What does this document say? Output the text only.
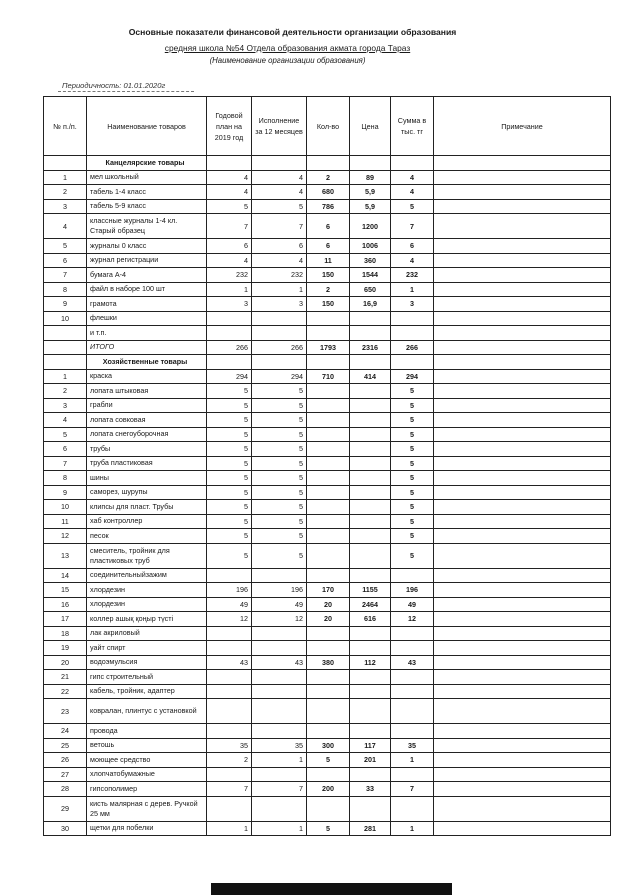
Основные показатели финансовой деятельности организации образования
средняя школа №54 Отдела образования акмата города Тараз
(Наименование организации образования)
Периодичность: 01.01.2020г
№ п./п.	Наименование товаров	Годовой план на 2019 год	Исполнение за 12 месяцев	Кол-во	Цена	Сумма в тыс. тг	Примечание
	Канцелярские товары						
1	мел школьный	4	4	2	89	4	
2	табель 1-4 класс	4	4	680	5,9	4	
3	табель 5-9 класс	5	5	786	5,9	5	
4	классные журналы 1-4 кл. Старый образец	7	7	6	1200	7	
5	журналы 0 класс	6	6	6	1006	6	
6	журнал регистрации	4	4	11	360	4	
7	бумага А-4	232	232	150	1544	232	
8	файл в наборе 100 шт	1	1	2	650	1	
9	грамота	3	3	150	16,9	3	
10	флешки						
	и т.п.						
	ИТОГО	266	266	1793	2316	266	
	Хозяйственные товары						
1	краска	294	294	710	414	294	
2	лопата штыковая	5	5			5	
3	грабли	5	5			5	
4	лопата совковая	5	5			5	
5	лопата снегоуборочная	5	5			5	
6	трубы	5	5			5	
7	труба пластиковая	5	5			5	
8	шины	5	5			5	
9	саморез, шурупы	5	5			5	
10	клипсы для пласт. Трубы	5	5			5	
11	хаб контроллер	5	5			5	
12	песок	5	5			5	
13	смеситель, тройник для пластиковых труб	5	5			5	
14	соединительныйзажим						
15	хлордезин	196	196	170	1155	196	
16	хлордезин	49	49	20	2464	49	
17	коллер ашық қоңыр түсті	12	12	20	616	12	
18	лак акриловый						
19	уайт спирт						
20	водоэмульсия	43	43	380	112	43	
21	гипс строительный						
22	кабель, тройник, адаптер						
23	ковралан, плинтус с установкой						
24	провода						
25	ветошь	35	35	300	117	35	
26	моющее средство	2	1	5	201	1	
27	хлопчатобумажные						
28	гипсополимер	7	7	200	33	7	
29	кисть малярная с дерев. Ручкой 25 мм						
30	щетки для побелки	1	1	5	281	1	
